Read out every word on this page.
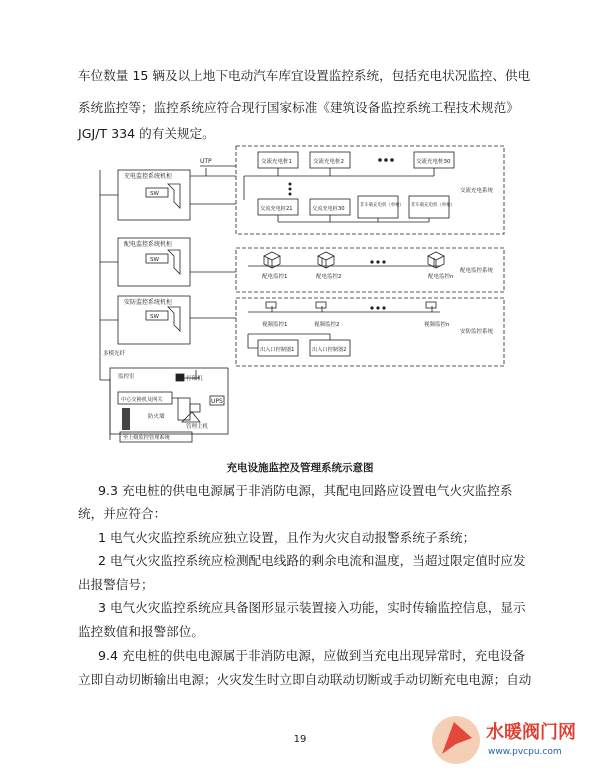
车位数量 15 辆及以上地下电动汽车库宜设置监控系统，包括充电状况监控、供电
系统监控等；监控系统应符合现行国家标准《建筑设备监控系统工程技术规范》
JGJ/T 334 的有关规定。
UTP
充电监控系统机柜
配电监控系统机柜
安防监控系统机柜
SW
SW
SW
交流充电系统
配电监控系统
安防监控系统
交流充电桩1	交流充电桩2	交流充电桩30
交流充电桩21	交流充电桩30
非车载充电机（单枪） 非车载充电机（单枪）
配电监控1	配电监控2	配电监控n
视频监控1	视频监控2	视频监控n
出入口控制器1	出入口控制器2
多模光纤
监控室	打印机
中心交换机及网关	UPS
防火墙
管理主机
至上级监控管理系统
充电设施监控及管理系统示意图
9.3 充电桩的供电电源属于非消防电源，其配电回路应设置电气火灾监控系
统，并应符合：
1 电气火灾监控系统应独立设置，且作为火灾自动报警系统子系统；
2 电气火灾监控系统应检测配电线路的剩余电流和温度，当超过限定值时应发
出报警信号；
3 电气火灾监控系统应具备图形显示装置接入功能，实时传输监控信息，显示
监控数值和报警部位。
9.4 充电桩的供电电源属于非消防电源，应做到当充电出现异常时，充电设备
立即自动切断输出电源；火灾发生时立即自动联动切断或手动切断充电电源；自动
19	水暖阀门网
www.pvcpu.com
